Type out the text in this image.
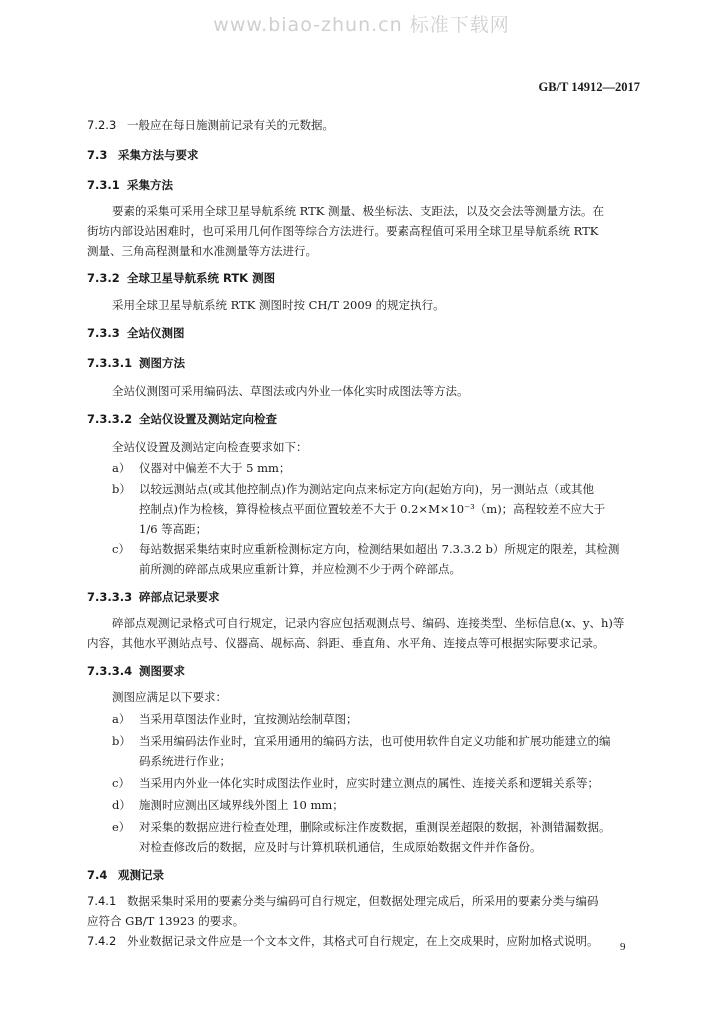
www.biao-zhun.cn 标准下载网
GB/T 14912—2017
7.2.3 一般应在每日施测前记录有关的元数据。
7.3 采集方法与要求
7.3.1 采集方法
要素的采集可采用全球卫星导航系统 RTK 测量、极坐标法、支距法，以及交会法等测量方法。在
街坊内部设站困难时，也可采用几何作图等综合方法进行。要素高程值可采用全球卫星导航系统 RTK
测量、三角高程测量和水准测量等方法进行。
7.3.2 全球卫星导航系统 RTK 测图
采用全球卫星导航系统 RTK 测图时按 CH/T 2009 的规定执行。
7.3.3 全站仪测图
7.3.3.1 测图方法
全站仪测图可采用编码法、草图法或内外业一体化实时成图法等方法。
7.3.3.2 全站仪设置及测站定向检查
全站仪设置及测站定向检查要求如下：
a） 仪器对中偏差不大于 5 mm；
b） 以较远测站点(或其他控制点)作为测站定向点来标定方向(起始方向)，另一测站点（或其他
控制点)作为检核，算得检核点平面位置较差不大于 0.2×M×10⁻³（m)；高程较差不应大于
1/6 等高距；
c） 每站数据采集结束时应重新检测标定方向，检测结果如超出 7.3.3.2 b）所规定的限差，其检测
前所测的碎部点成果应重新计算，并应检测不少于两个碎部点。
7.3.3.3 碎部点记录要求
碎部点观测记录格式可自行规定，记录内容应包括观测点号、编码、连接类型、坐标信息(x、y、h)等
内容，其他水平测站点号、仪器高、觇标高、斜距、垂直角、水平角、连接点等可根据实际要求记录。
7.3.3.4 测图要求
测图应满足以下要求：
a） 当采用草图法作业时，宜按测站绘制草图；
b） 当采用编码法作业时，宜采用通用的编码方法，也可使用软件自定义功能和扩展功能建立的编
码系统进行作业；
c） 当采用内外业一体化实时成图法作业时，应实时建立测点的属性、连接关系和逻辑关系等；
d） 施测时应测出区域界线外图上 10 mm；
e） 对采集的数据应进行检查处理，删除或标注作废数据，重测误差超限的数据，补测错漏数据。
对检查修改后的数据，应及时与计算机联机通信，生成原始数据文件并作备份。
7.4 观测记录
7.4.1 数据采集时采用的要素分类与编码可自行规定，但数据处理完成后，所采用的要素分类与编码
应符合 GB/T 13923 的要求。
7.4.2 外业数据记录文件应是一个文本文件，其格式可自行规定，在上交成果时，应附加格式说明。 9
